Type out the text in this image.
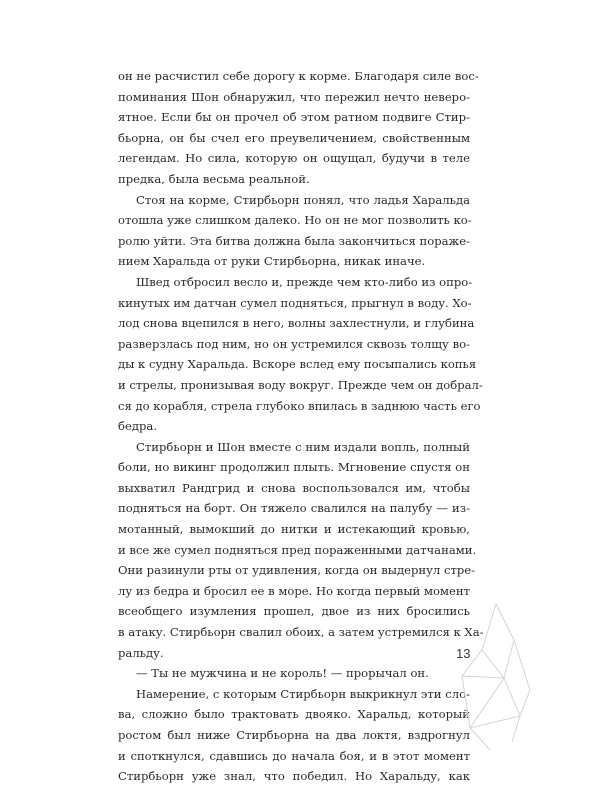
он не расчистил себе дорогу к корме. Благодаря силе вос-

поминания Шон обнаружил, что пережил нечто неверо-

ятное. Если бы он прочел об этом ратном подвиге Стир-

бьорна, он бы счел его преувеличением, свойственным

легендам. Но сила, которую он ощущал, будучи в теле

предка, была весьма реальной.

Стоя на корме, Стирбьорн понял, что ладья Харальда

отошла уже слишком далеко. Но он не мог позволить ко-

ролю уйти. Эта битва должна была закончиться пораже-

нием Харальда от руки Стирбьорна, никак иначе.

Швед отбросил весло и, прежде чем кто-либо из опро-

кинутых им датчан сумел подняться, прыгнул в воду. Хо-

лод снова вцепился в него, волны захлестнули, и глубина

разверзлась под ним, но он устремился сквозь толщу во-

ды к судну Харальда. Вскоре вслед ему посыпались копья

и стрелы, пронизывая воду вокруг. Прежде чем он добрал-

ся до корабля, стрела глубоко впилась в заднюю часть его

бедра.

Стирбьорн и Шон вместе с ним издали вопль, полный

боли, но викинг продолжил плыть. Мгновение спустя он

выхватил Рандгрид и снова воспользовался им, чтобы

подняться на борт. Он тяжело свалился на палубу — из-

мотанный, вымокший до нитки и истекающий кровью,

и все же сумел подняться пред пораженными датчанами.

Они разинули рты от удивления, когда он выдернул стре-

лу из бедра и бросил ее в море. Но когда первый момент

всеобщего изумления прошел, двое из них бросились

в атаку. Стирбьорн свалил обоих, а затем устремился к Ха-

ральду.

— Ты не мужчина и не король! — прорычал он.

Намерение, с которым Стирбьорн выкрикнул эти сло-

ва, сложно было трактовать двояко. Харальд, который

ростом был ниже Стирбьорна на два локтя, вздрогнул

и споткнулся, сдавшись до начала боя, и в этот момент

Стирбьорн уже знал, что победил. Но Харальду, как

13
